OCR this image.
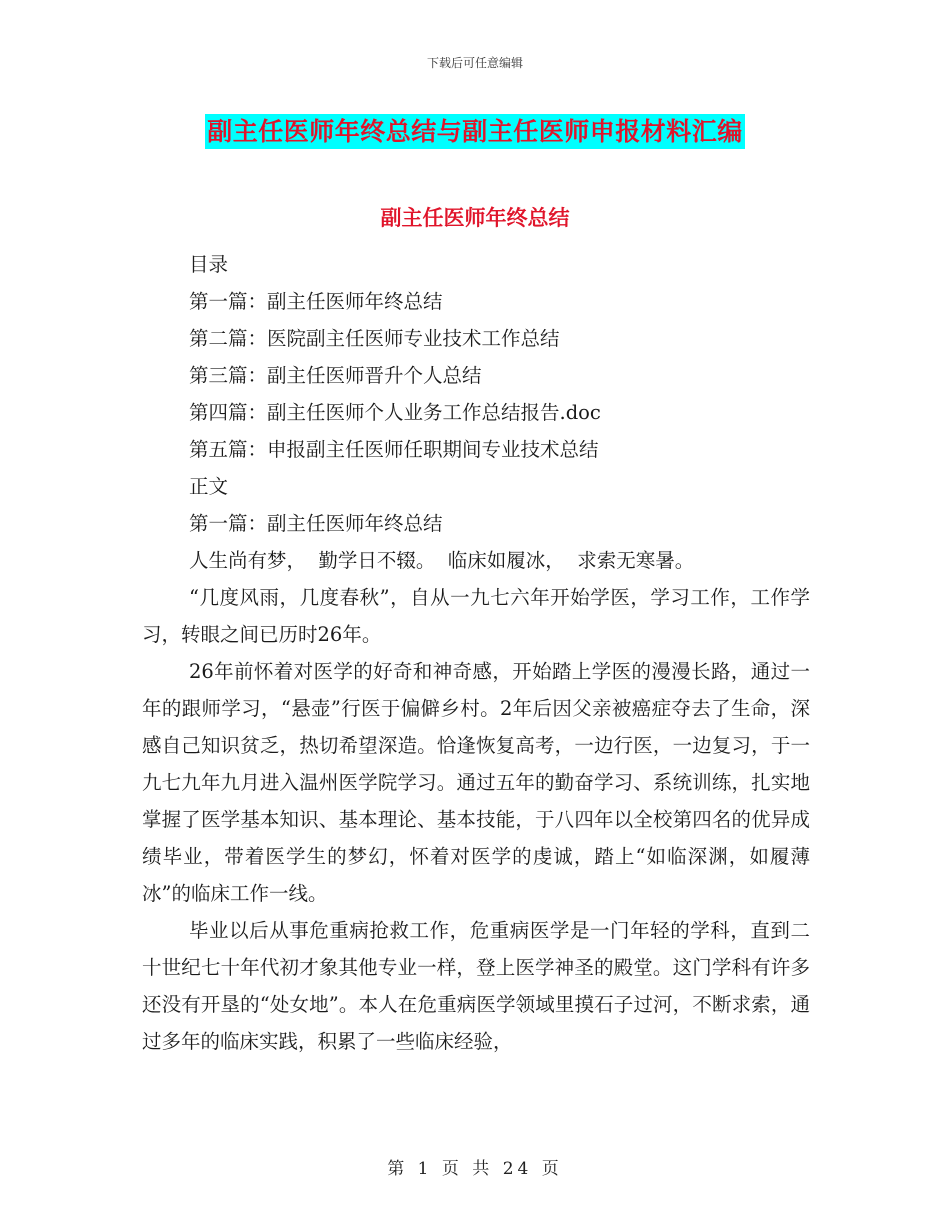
下载后可任意编辑
副主任医师年终总结与副主任医师申报材料汇编
副主任医师年终总结
目录
第一篇：副主任医师年终总结
第二篇：医院副主任医师专业技术工作总结
第三篇：副主任医师晋升个人总结
第四篇：副主任医师个人业务工作总结报告.doc
第五篇：申报副主任医师任职期间专业技术总结
正文
第一篇：副主任医师年终总结
人生尚有梦，  勤学日不辍。  临床如履冰，  求索无寒暑。
“几度风雨，几度春秋”，自从一九七六年开始学医，学习工作，工作学习，转眼之间已历时26年。
26年前怀着对医学的好奇和神奇感，开始踏上学医的漫漫长路，通过一年的跟师学习，“悬壶”行医于偏僻乡村。2年后因父亲被癌症夺去了生命，深感自己知识贫乏，热切希望深造。恰逢恢复高考，一边行医，一边复习，于一九七九年九月进入温州医学院学习。通过五年的勤奋学习、系统训练，扎实地掌握了医学基本知识、基本理论、基本技能，于八四年以全校第四名的优异成绩毕业，带着医学生的梦幻，怀着对医学的虔诚，踏上“如临深渊，如履薄冰”的临床工作一线。
毕业以后从事危重病抢救工作，危重病医学是一门年轻的学科，直到二十世纪七十年代初才象其他专业一样，登上医学神圣的殿堂。这门学科有许多还没有开垦的“处女地”。本人在危重病医学领域里摸石子过河，不断求索，通过多年的临床实践，积累了一些临床经验，
第 1 页 共 24 页
